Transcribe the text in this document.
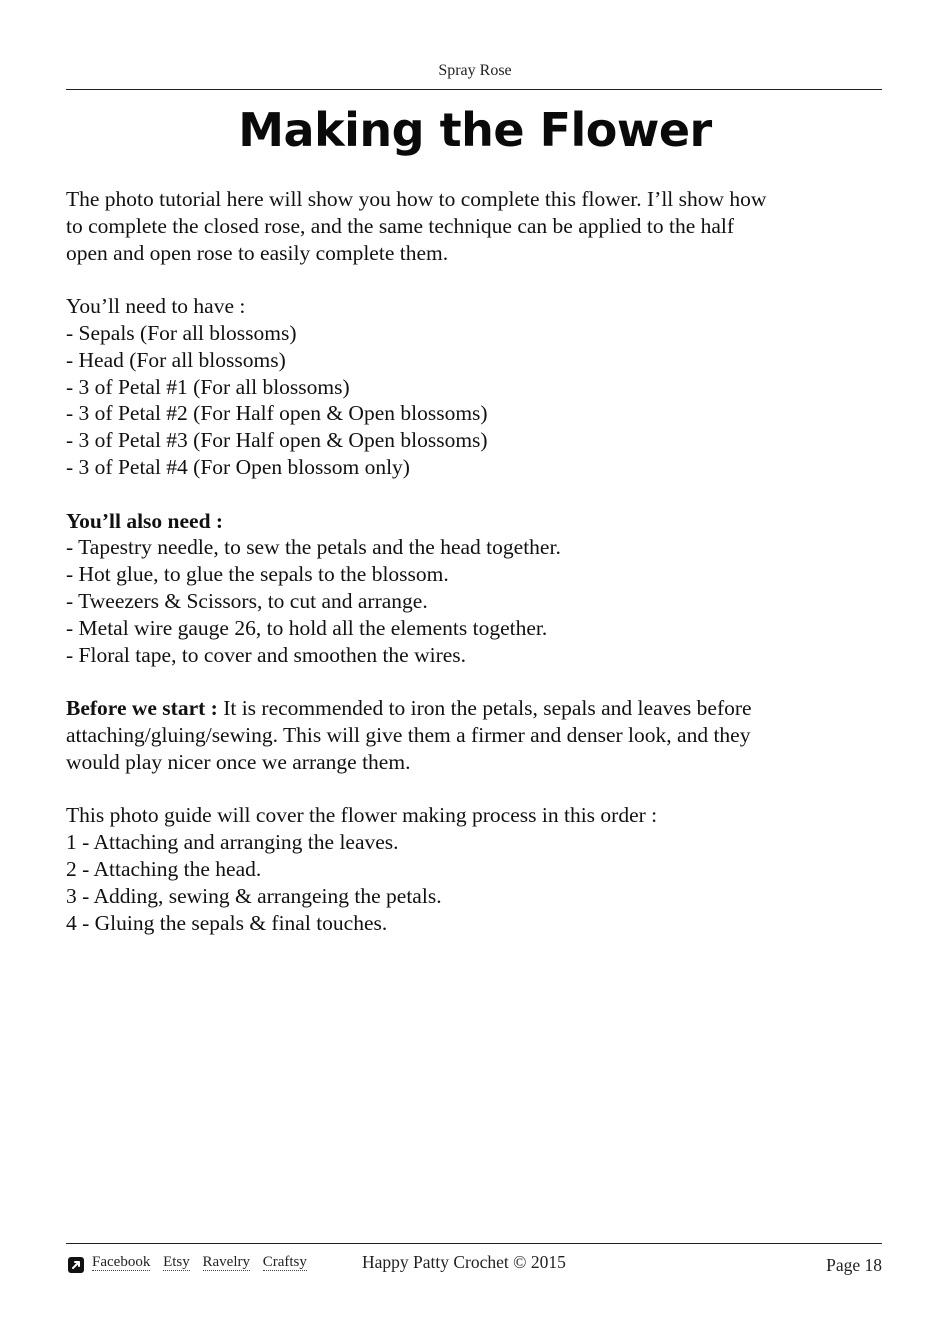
Spray Rose
Making the Flower

The photo tutorial here will show you how to complete this flower. I’ll show how
to complete the closed rose, and the same technique can be applied to the half
open and open rose to easily complete them.

You’ll need to have :
- Sepals (For all blossoms)
- Head (For all blossoms)
- 3 of Petal #1 (For all blossoms)
- 3 of Petal #2 (For Half open & Open blossoms)
- 3 of Petal #3 (For Half open & Open blossoms)
- 3 of Petal #4 (For Open blossom only)

You’ll also need :
- Tapestry needle, to sew the petals and the head together.
- Hot glue, to glue the sepals to the blossom.
- Tweezers & Scissors, to cut and arrange.
- Metal wire gauge 26, to hold all the elements together.
- Floral tape, to cover and smoothen the wires.

Before we start : It is recommended to iron the petals, sepals and leaves before
attaching/gluing/sewing. This will give them a firmer and denser look, and they
would play nicer once we arrange them.

This photo guide will cover the flower making process in this order :
1 - Attaching and arranging the leaves.
2 - Attaching the head.
3 - Adding, sewing & arrangeing the petals.
4 - Gluing the sepals & final touches.

Facebook Etsy Ravelry Craftsy	Happy Patty Crochet © 2015	Page 18
